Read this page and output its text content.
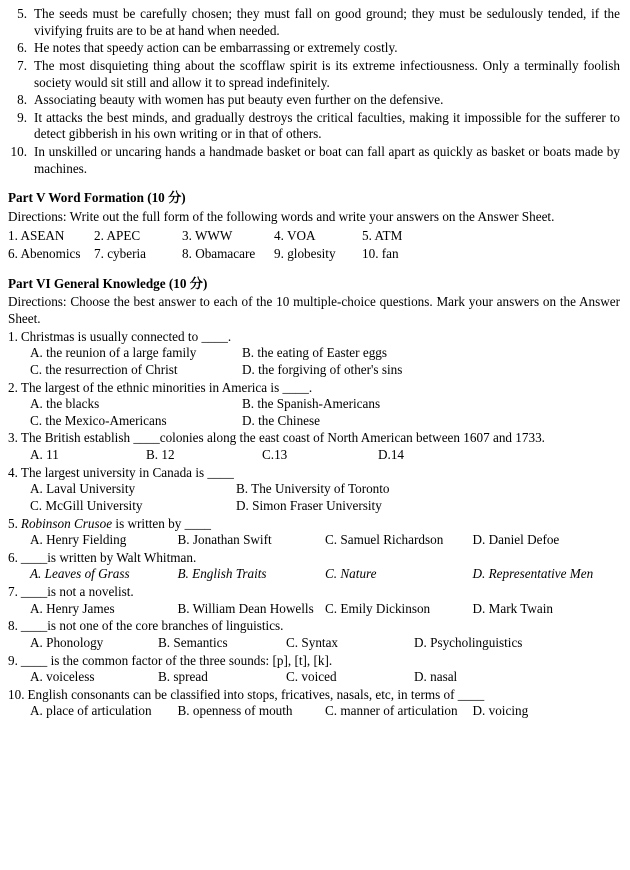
5. The seeds must be carefully chosen; they must fall on good ground; they must be sedulously tended, if the vivifying fruits are to be at hand when needed.
6. He notes that speedy action can be embarrassing or extremely costly.
7. The most disquieting thing about the scofflaw spirit is its extreme infectiousness. Only a terminally foolish society would sit still and allow it to spread indefinitely.
8. Associating beauty with women has put beauty even further on the defensive.
9. It attacks the best minds, and gradually destroys the critical faculties, making it impossible for the sufferer to detect gibberish in his own writing or in that of others.
10. In unskilled or uncaring hands a handmade basket or boat can fall apart as quickly as basket or boats made by machines.
Part V Word Formation (10 分)
Directions: Write out the full form of the following words and write your answers on the Answer Sheet.
1. ASEAN	2. APEC	3. WWW	4. VOA	5. ATM
6. Abenomics	7. cyberia	8. Obamacare	9. globesity	10. fan
Part VI General Knowledge (10 分)
Directions: Choose the best answer to each of the 10 multiple-choice questions. Mark your answers on the Answer Sheet.
1. Christmas is usually connected to ____.
A. the reunion of a large family	B. the eating of Easter eggs
C. the resurrection of Christ	D. the forgiving of other's sins
2. The largest of the ethnic minorities in America is ____.
A. the blacks	B. the Spanish-Americans
C. the Mexico-Americans	D. the Chinese
3. The British establish ____colonies along the east coast of North American between 1607 and 1733.
A. 11	B. 12	C.13	D.14
4. The largest university in Canada is ____
A. Laval University	B. The University of Toronto
C. McGill University	D. Simon Fraser University
5. Robinson Crusoe is written by ____
A. Henry Fielding	B. Jonathan Swift	C. Samuel Richardson	D. Daniel Defoe
6. ____is written by Walt Whitman.
A. Leaves of Grass	B. English Traits	C. Nature	D. Representative Men
7. ____is not a novelist.
A. Henry James	B. William Dean Howells C. Emily Dickinson	D. Mark Twain
8. ____is not one of the core branches of linguistics.
A. Phonology	B. Semantics	C. Syntax	D. Psycholinguistics
9. ____ is the common factor of the three sounds: [p], [t], [k].
A. voiceless	B. spread	C. voiced	D. nasal
10. English consonants can be classified into stops, fricatives, nasals, etc, in terms of ____
A. place of articulation	B. openness of mouth	C. manner of articulation	D. voicing
